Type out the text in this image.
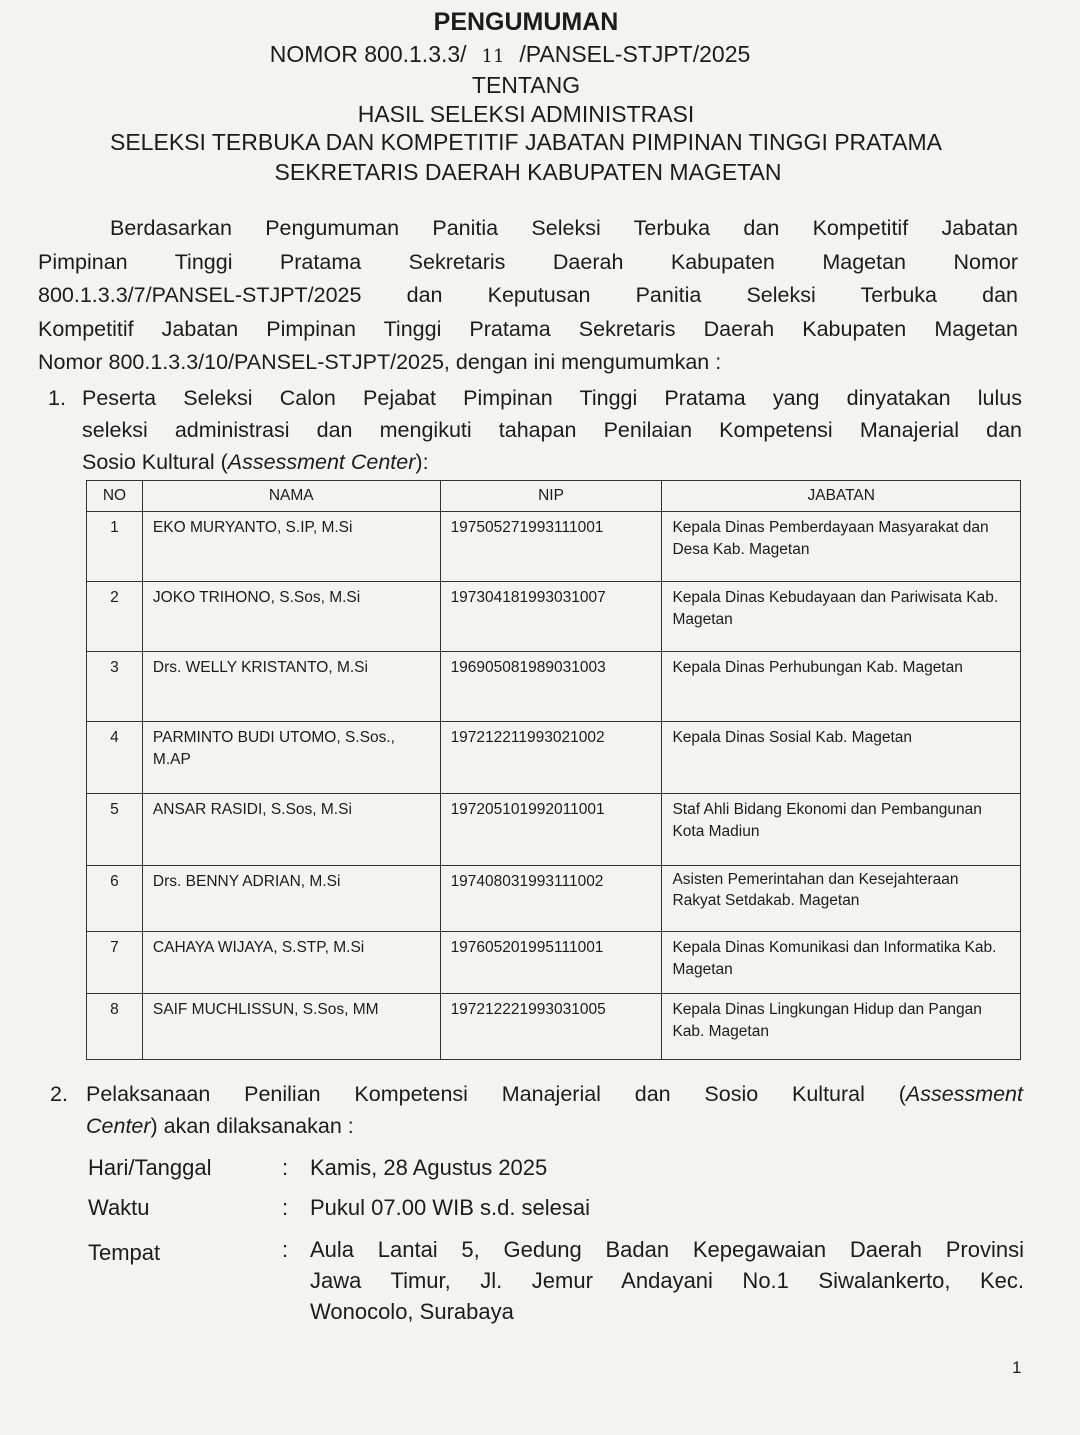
PENGUMUMAN
NOMOR 800.1.3.3/ 11 /PANSEL-STJPT/2025
TENTANG
HASIL SELEKSI ADMINISTRASI
SELEKSI TERBUKA DAN KOMPETITIF JABATAN PIMPINAN TINGGI PRATAMA
SEKRETARIS DAERAH KABUPATEN MAGETAN
Berdasarkan Pengumuman Panitia Seleksi Terbuka dan Kompetitif Jabatan
Pimpinan Tinggi Pratama Sekretaris Daerah Kabupaten Magetan Nomor
800.1.3.3/7/PANSEL-STJPT/2025 dan Keputusan Panitia Seleksi Terbuka dan
Kompetitif Jabatan Pimpinan Tinggi Pratama Sekretaris Daerah Kabupaten Magetan
Nomor 800.1.3.3/10/PANSEL-STJPT/2025, dengan ini mengumumkan :
1. Peserta Seleksi Calon Pejabat Pimpinan Tinggi Pratama yang dinyatakan lulus
seleksi administrasi dan mengikuti tahapan Penilaian Kompetensi Manajerial dan
Sosio Kultural (Assessment Center):
NO	NAMA	NIP	JABATAN
1	EKO MURYANTO, S.IP, M.Si	197505271993111001	Kepala Dinas Pemberdayaan Masyarakat dan Desa Kab. Magetan
2	JOKO TRIHONO, S.Sos, M.Si	197304181993031007	Kepala Dinas Kebudayaan dan Pariwisata Kab. Magetan
3	Drs. WELLY KRISTANTO, M.Si	196905081989031003	Kepala Dinas Perhubungan Kab. Magetan
4	PARMINTO BUDI UTOMO, S.Sos., M.AP	197212211993021002	Kepala Dinas Sosial Kab. Magetan
5	ANSAR RASIDI, S.Sos, M.Si	197205101992011001	Staf Ahli Bidang Ekonomi dan Pembangunan Kota Madiun
6	Drs. BENNY ADRIAN, M.Si	197408031993111002	Asisten Pemerintahan dan Kesejahteraan Rakyat Setdakab. Magetan
7	CAHAYA WIJAYA, S.STP, M.Si	197605201995111001	Kepala Dinas Komunikasi dan Informatika Kab. Magetan
8	SAIF MUCHLISSUN, S.Sos, MM	197212221993031005	Kepala Dinas Lingkungan Hidup dan Pangan Kab. Magetan
2. Pelaksanaan Penilian Kompetensi Manajerial dan Sosio Kultural (Assessment
Center) akan dilaksanakan :
Hari/Tanggal	: Kamis, 28 Agustus 2025
Waktu	: Pukul 07.00 WIB s.d. selesai
Tempat	: Aula Lantai 5, Gedung Badan Kepegawaian Daerah Provinsi
Jawa Timur, Jl. Jemur Andayani No.1 Siwalankerto, Kec.
Wonocolo, Surabaya
1
